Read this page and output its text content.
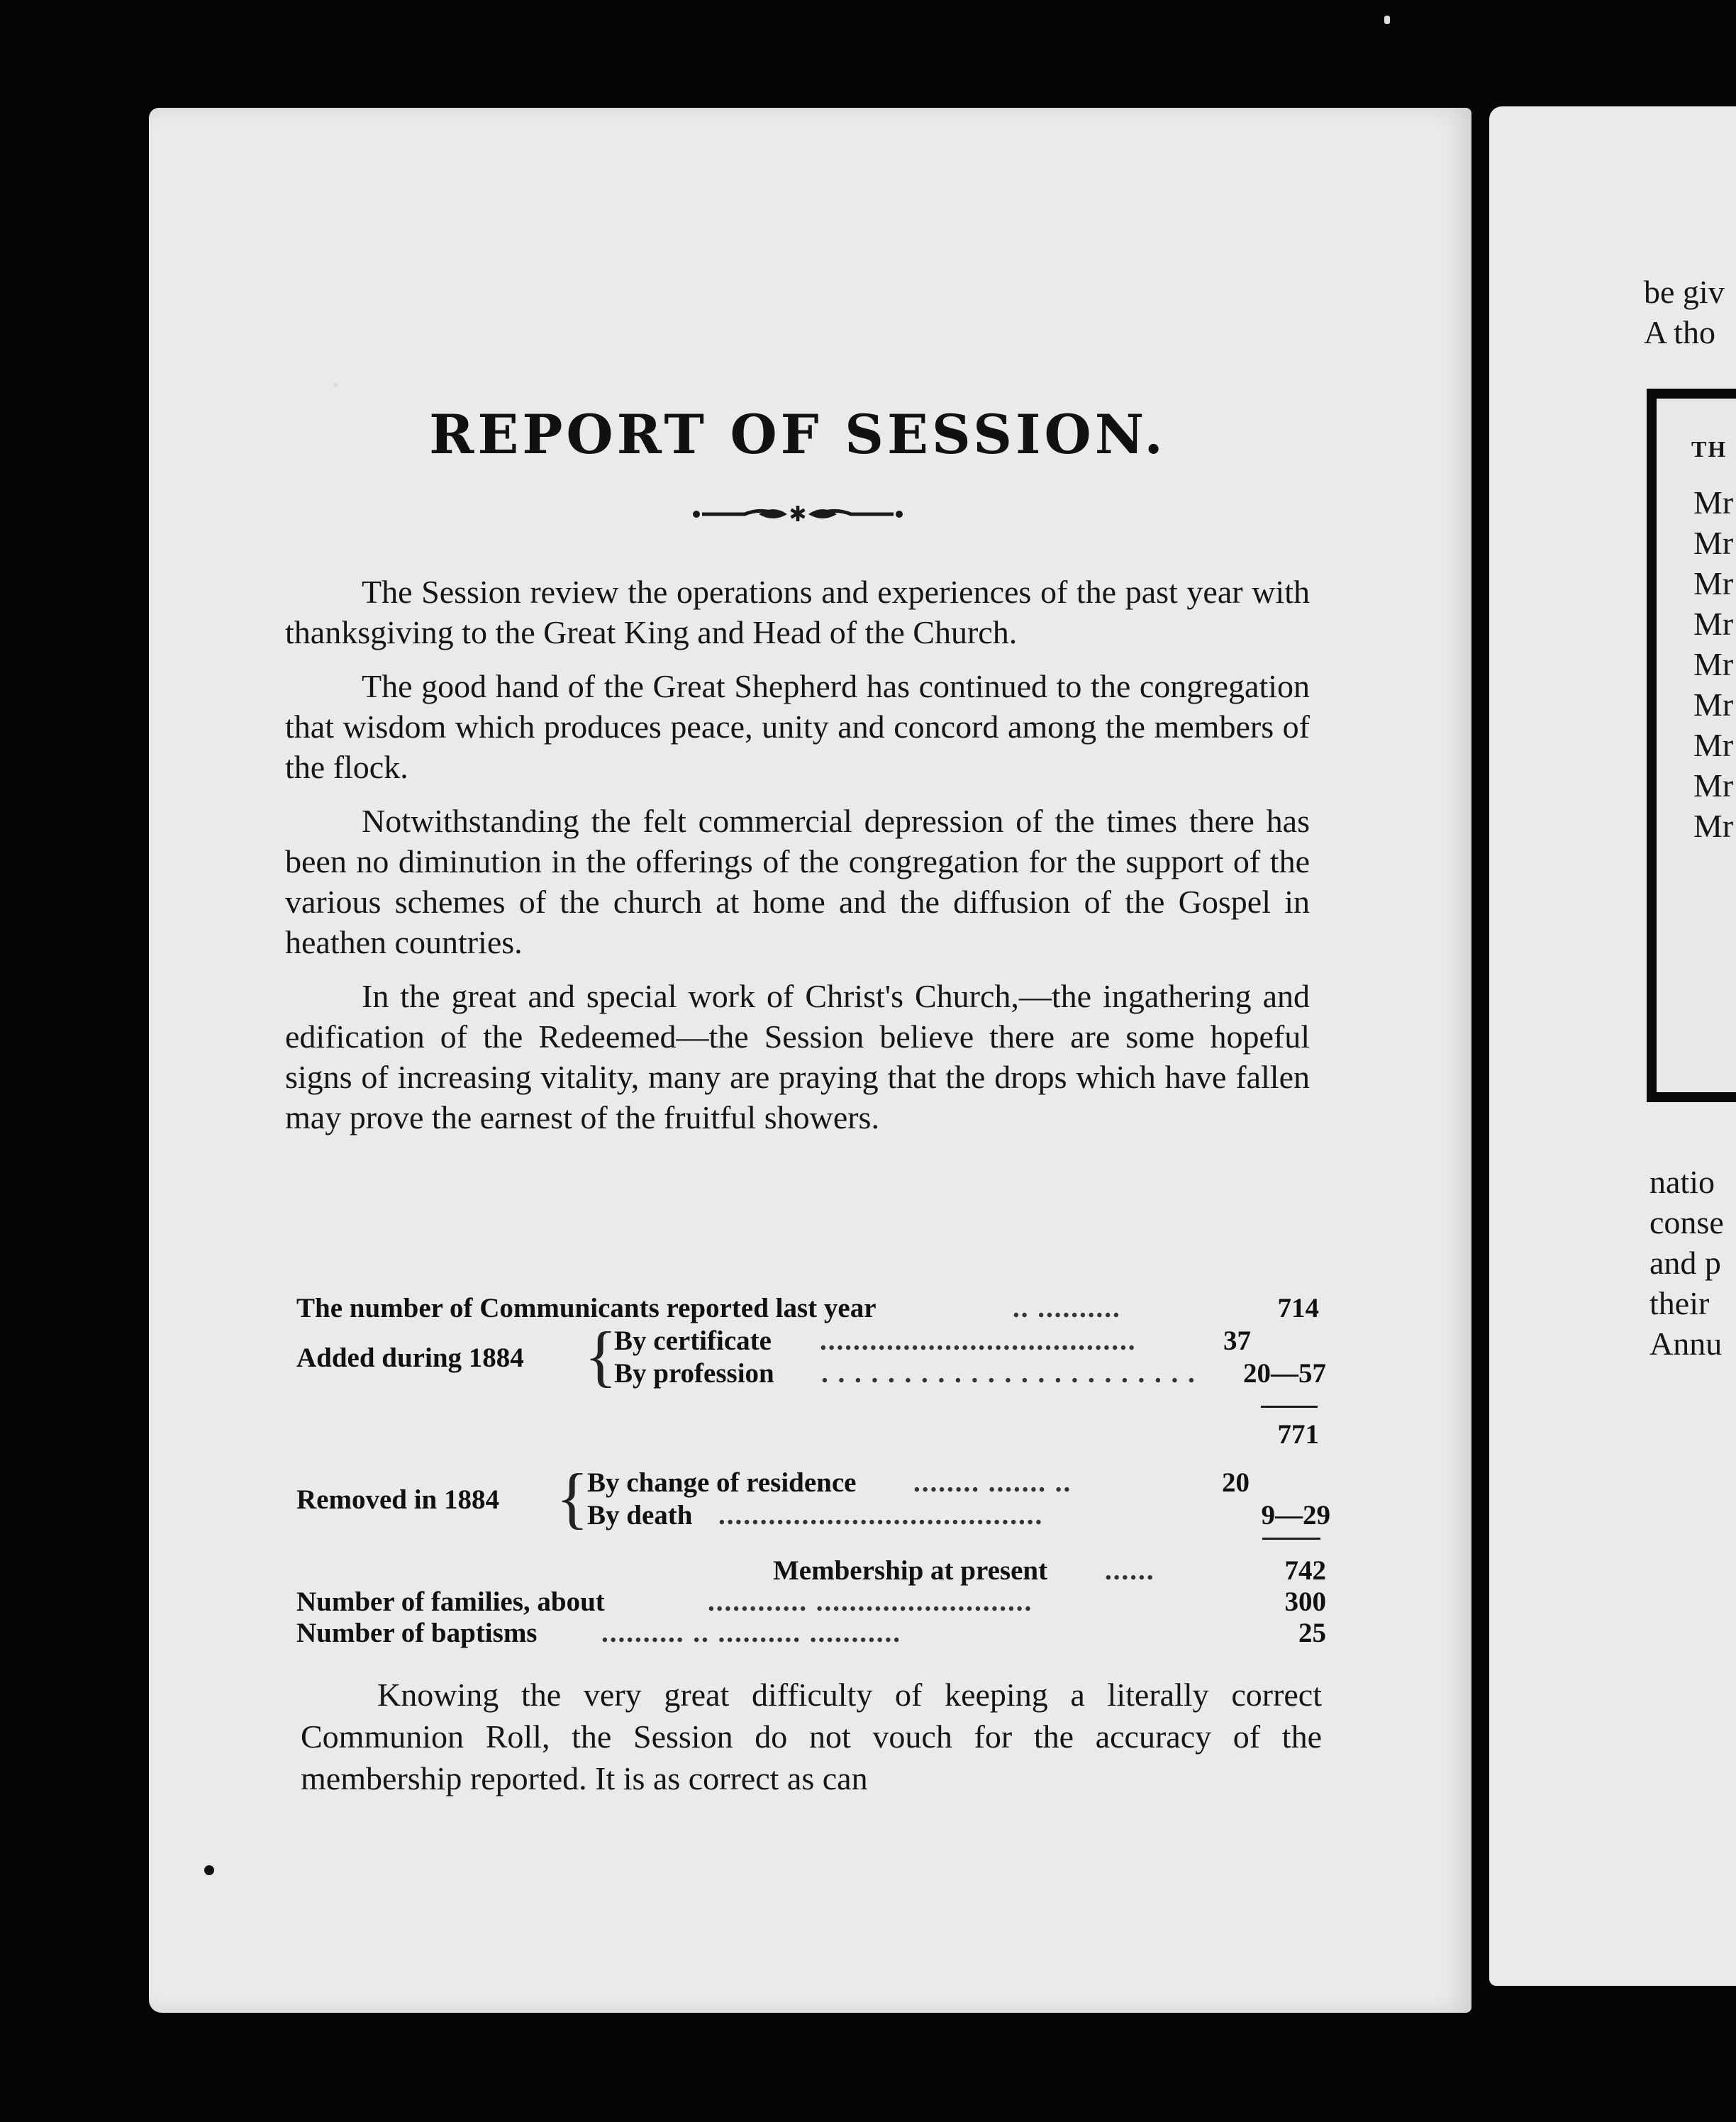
REPORT OF SESSION.
✱

The Session review the operations and experiences of the past year with thanksgiving to the Great King and Head of the Church.

The good hand of the Great Shepherd has continued to the congregation that wisdom which produces peace, unity and concord among the members of the flock.

Notwithstanding the felt commercial depression of the times there has been no diminution in the offerings of the congregation for the support of the various schemes of the church at home and the diffusion of the Gospel in heathen countries.

In the great and special work of Christ's Church,—the ingathering and edification of the Redeemed—the Session believe there are some hopeful signs of increasing vitality, many are praying that the drops which have fallen may prove the earnest of the fruitful showers.

The number of Communicants reported last year	.. ..........	714
Added during 1884 {
By certificate ......................................	37
By profession . . . . . . . . . . . . . . . . . . . . . . . 20—57
771
Removed in 1884 {
By change of residence ........ ....... ..	20
By death .......................................	9—29
Membership at present ......	742
Number of families, about	............ ..........................	300
Number of baptisms .......... .. .......... ...........	25

Knowing the very great difficulty of keeping a literally correct Communion Roll, the Session do not vouch for the accuracy of the membership reported. It is as correct as can

be giv
A tho
TH
Mr
Mr
Mr
Mr
Mr
Mr
Mr
Mr
Mr
natio
conse
and p
their
Annu
